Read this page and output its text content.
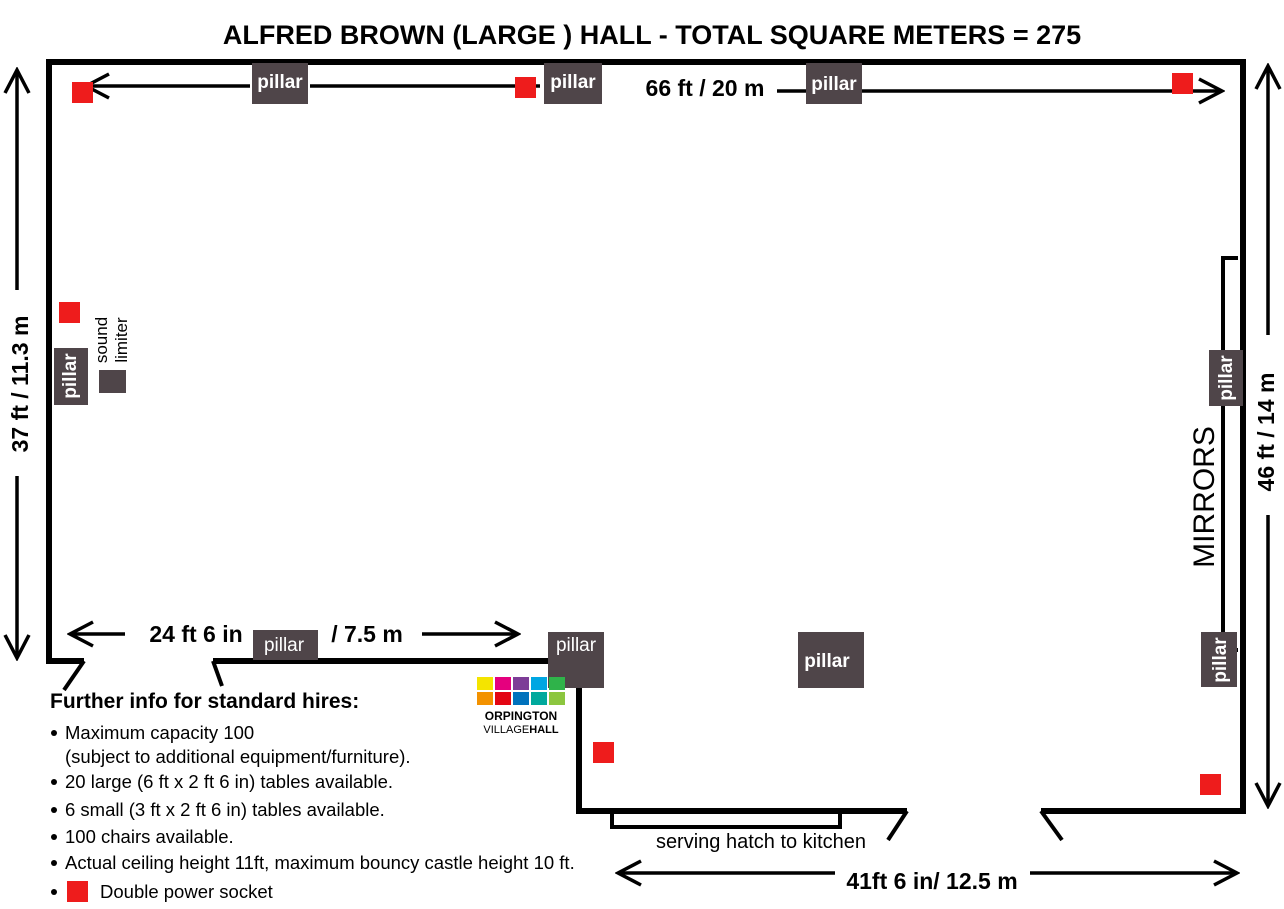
ALFRED BROWN (LARGE ) HALL - TOTAL SQUARE METERS = 275
66 ft / 20 m
37 ft / 11.3 m	46 ft / 14 m
24 ft 6 in	/ 7.5 m
41ft 6 in/ 12.5 m
pillar	pillar	pillar
pillar	pillar
pillar
pillar	pillar
pillar
sound limiter
MIRRORS
serving hatch to kitchen
ORPINGTON
VILLAGEHALL
Further info for standard hires:
Maximum capacity 100
(subject to additional equipment/furniture).
20 large (6 ft x 2 ft 6 in) tables available.
6 small (3 ft x 2 ft 6 in) tables available.
100 chairs available.
Actual ceiling height 11ft, maximum bouncy castle height 10 ft.
Double power socket
